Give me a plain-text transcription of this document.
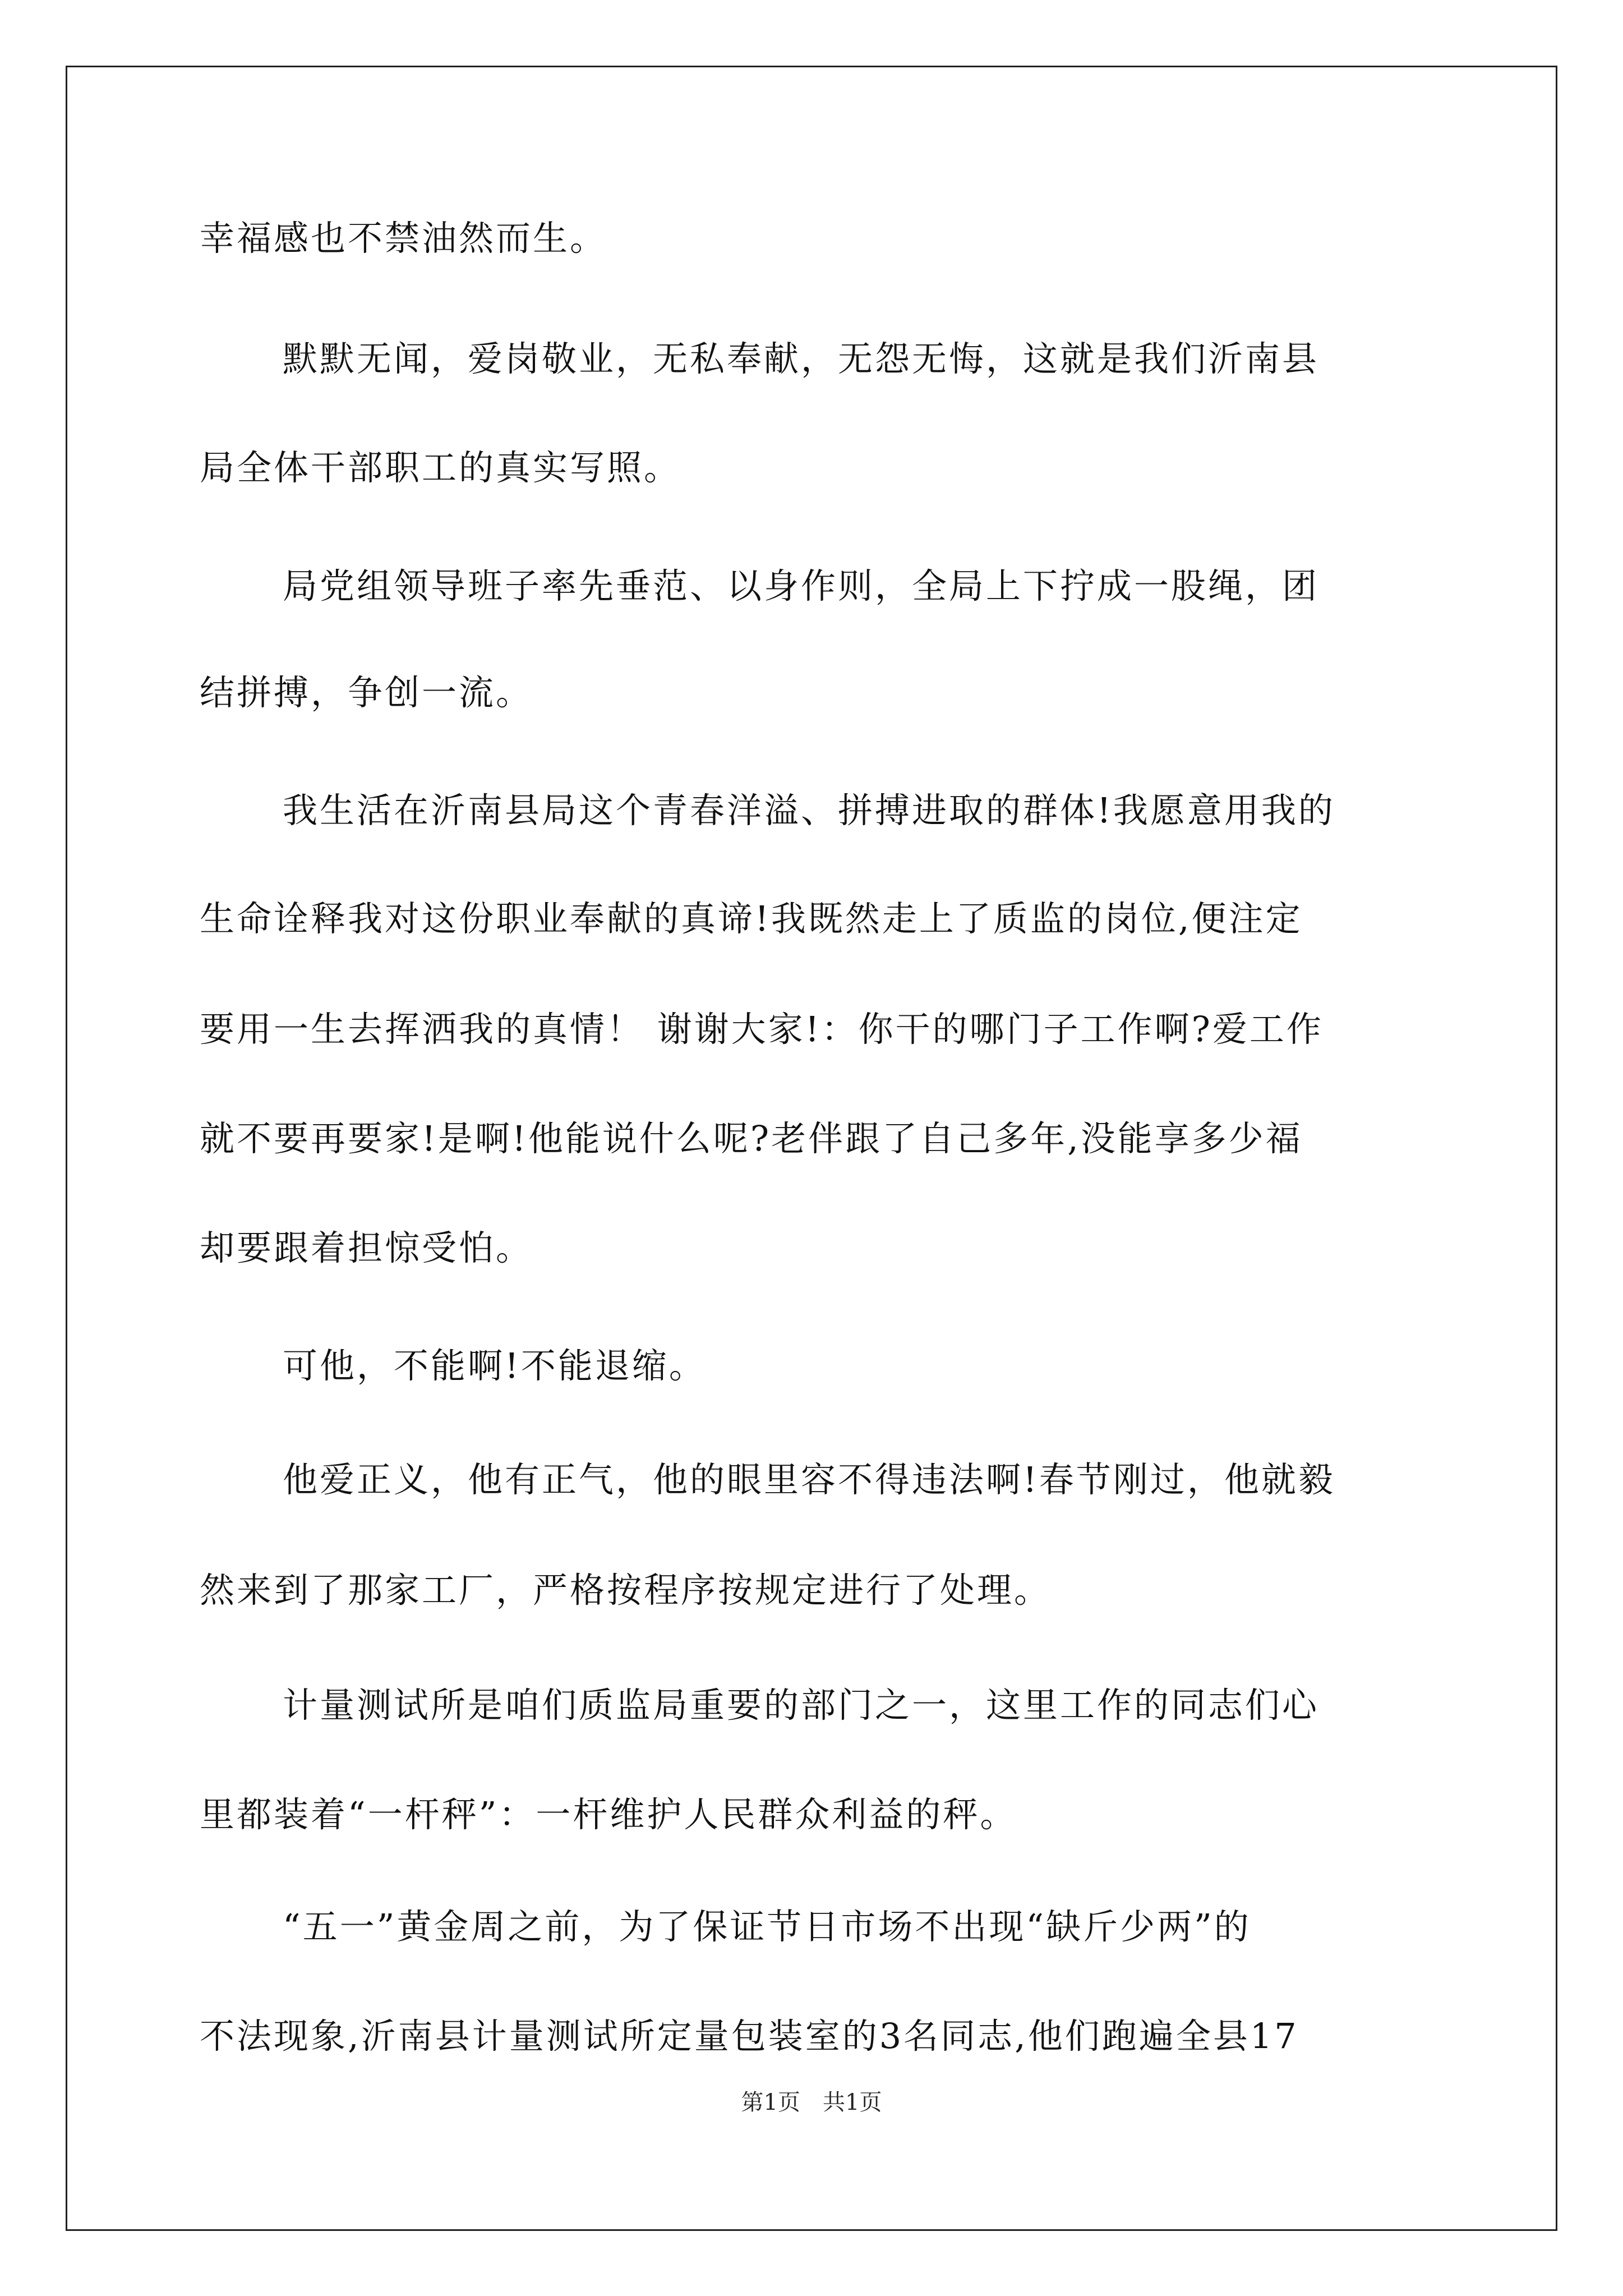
幸福感也不禁油然而生。
默默无闻，爱岗敬业，无私奉献，无怨无悔，这就是我们沂南县
局全体干部职工的真实写照。
局党组领导班子率先垂范、以身作则，全局上下拧成一股绳，团
结拼搏，争创一流。
我生活在沂南县局这个青春洋溢、拼搏进取的群体!我愿意用我的
生命诠释我对这份职业奉献的真谛!我既然走上了质监的岗位,便注定
要用一生去挥洒我的真情！ 谢谢大家!：你干的哪门子工作啊?爱工作
就不要再要家!是啊!他能说什么呢?老伴跟了自己多年,没能享多少福
却要跟着担惊受怕。
可他，不能啊!不能退缩。
他爱正义，他有正气，他的眼里容不得违法啊!春节刚过，他就毅
然来到了那家工厂，严格按程序按规定进行了处理。
计量测试所是咱们质监局重要的部门之一，这里工作的同志们心
里都装着“一杆秤”：一杆维护人民群众利益的秤。
“五一”黄金周之前，为了保证节日市场不出现“缺斤少两”的
不法现象,沂南县计量测试所定量包装室的3名同志,他们跑遍全县17
第1页　共1页
